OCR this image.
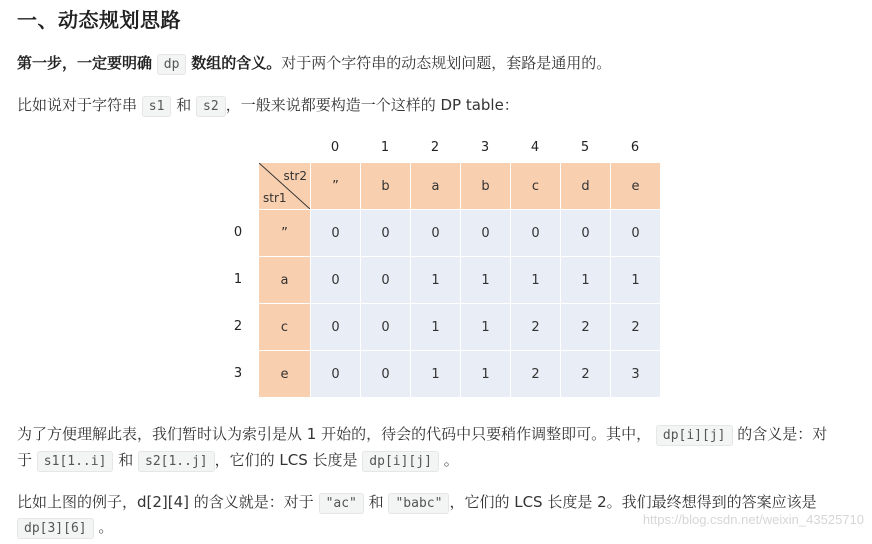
一、动态规划思路

第一步，一定要明确 dp 数组的含义。对于两个字符串的动态规划问题，套路是通用的。

比如说对于字符串 s1 和 s2 ，一般来说都要构造一个这样的 DP table：

0	1	2	3	4	5	6
str2
str1
”	b	a	b	c	d	e
0	”	0	0	0	0	0	0	0
1	a	0	0	1	1	1	1	1
2	c	0	0	1	1	2	2	2
3	e	0	0	1	1	2	2	3

为了方便理解此表，我们暂时认为索引是从 1 开始的，待会的代码中只要稍作调整即可。其中， dp[i][j] 的含义是：对

于 s1[1..i] 和 s2[1..j] ，它们的 LCS 长度是 dp[i][j] 。

比如上图的例子，d[2][4] 的含义就是：对于 "ac" 和 "babc" ，它们的 LCS 长度是 2。我们最终想得到的答案应该是

dp[3][6] 。	https://blog.csdn.net/weixin_43525710
